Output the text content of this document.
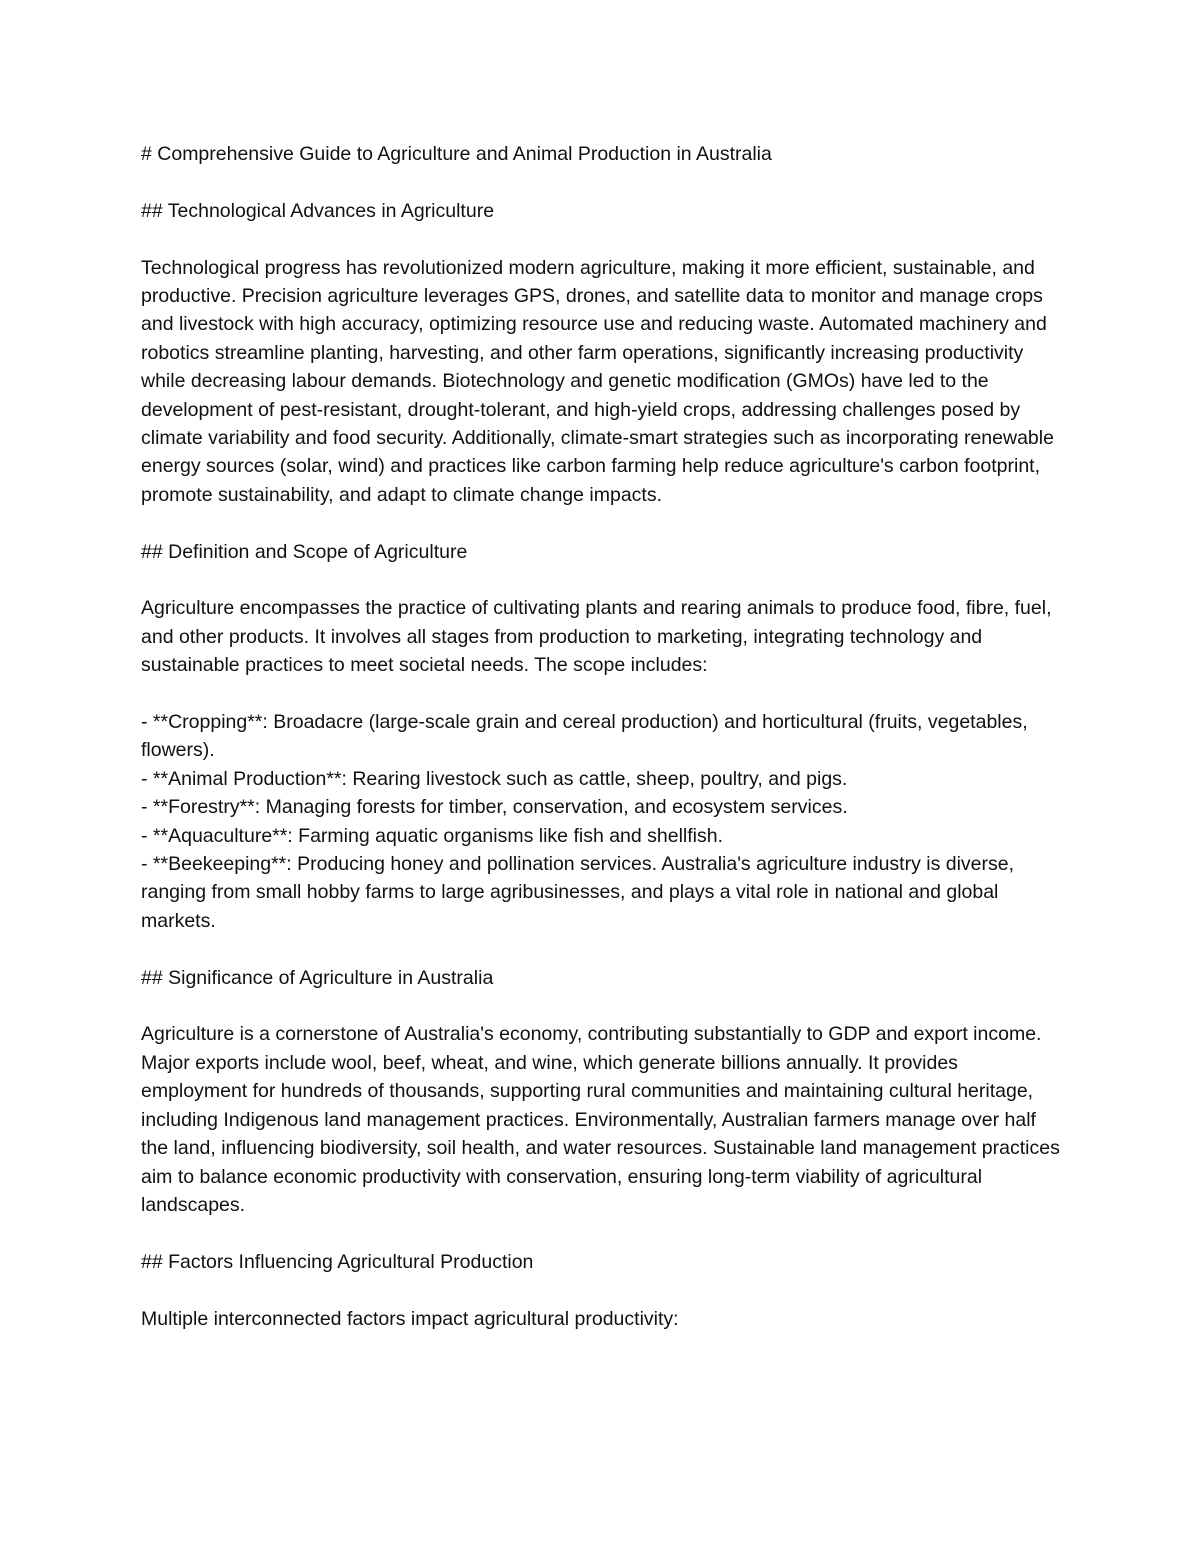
# Comprehensive Guide to Agriculture and Animal Production in Australia

## Technological Advances in Agriculture

Technological progress has revolutionized modern agriculture, making it more efficient, sustainable, and productive. Precision agriculture leverages GPS, drones, and satellite data to monitor and manage crops and livestock with high accuracy, optimizing resource use and reducing waste. Automated machinery and robotics streamline planting, harvesting, and other farm operations, significantly increasing productivity while decreasing labour demands. Biotechnology and genetic modification (GMOs) have led to the development of pest-resistant, drought-tolerant, and high-yield crops, addressing challenges posed by climate variability and food security. Additionally, climate-smart strategies such as incorporating renewable energy sources (solar, wind) and practices like carbon farming help reduce agriculture's carbon footprint, promote sustainability, and adapt to climate change impacts.

## Definition and Scope of Agriculture

Agriculture encompasses the practice of cultivating plants and rearing animals to produce food, fibre, fuel, and other products. It involves all stages from production to marketing, integrating technology and sustainable practices to meet societal needs. The scope includes:

- **Cropping**: Broadacre (large-scale grain and cereal production) and horticultural (fruits, vegetables, flowers).
- **Animal Production**: Rearing livestock such as cattle, sheep, poultry, and pigs.
- **Forestry**: Managing forests for timber, conservation, and ecosystem services.
- **Aquaculture**: Farming aquatic organisms like fish and shellfish.
- **Beekeeping**: Producing honey and pollination services. Australia's agriculture industry is diverse, ranging from small hobby farms to large agribusinesses, and plays a vital role in national and global markets.

## Significance of Agriculture in Australia

Agriculture is a cornerstone of Australia's economy, contributing substantially to GDP and export income. Major exports include wool, beef, wheat, and wine, which generate billions annually. It provides employment for hundreds of thousands, supporting rural communities and maintaining cultural heritage, including Indigenous land management practices. Environmentally, Australian farmers manage over half the land, influencing biodiversity, soil health, and water resources. Sustainable land management practices aim to balance economic productivity with conservation, ensuring long-term viability of agricultural landscapes.

## Factors Influencing Agricultural Production

Multiple interconnected factors impact agricultural productivity:
